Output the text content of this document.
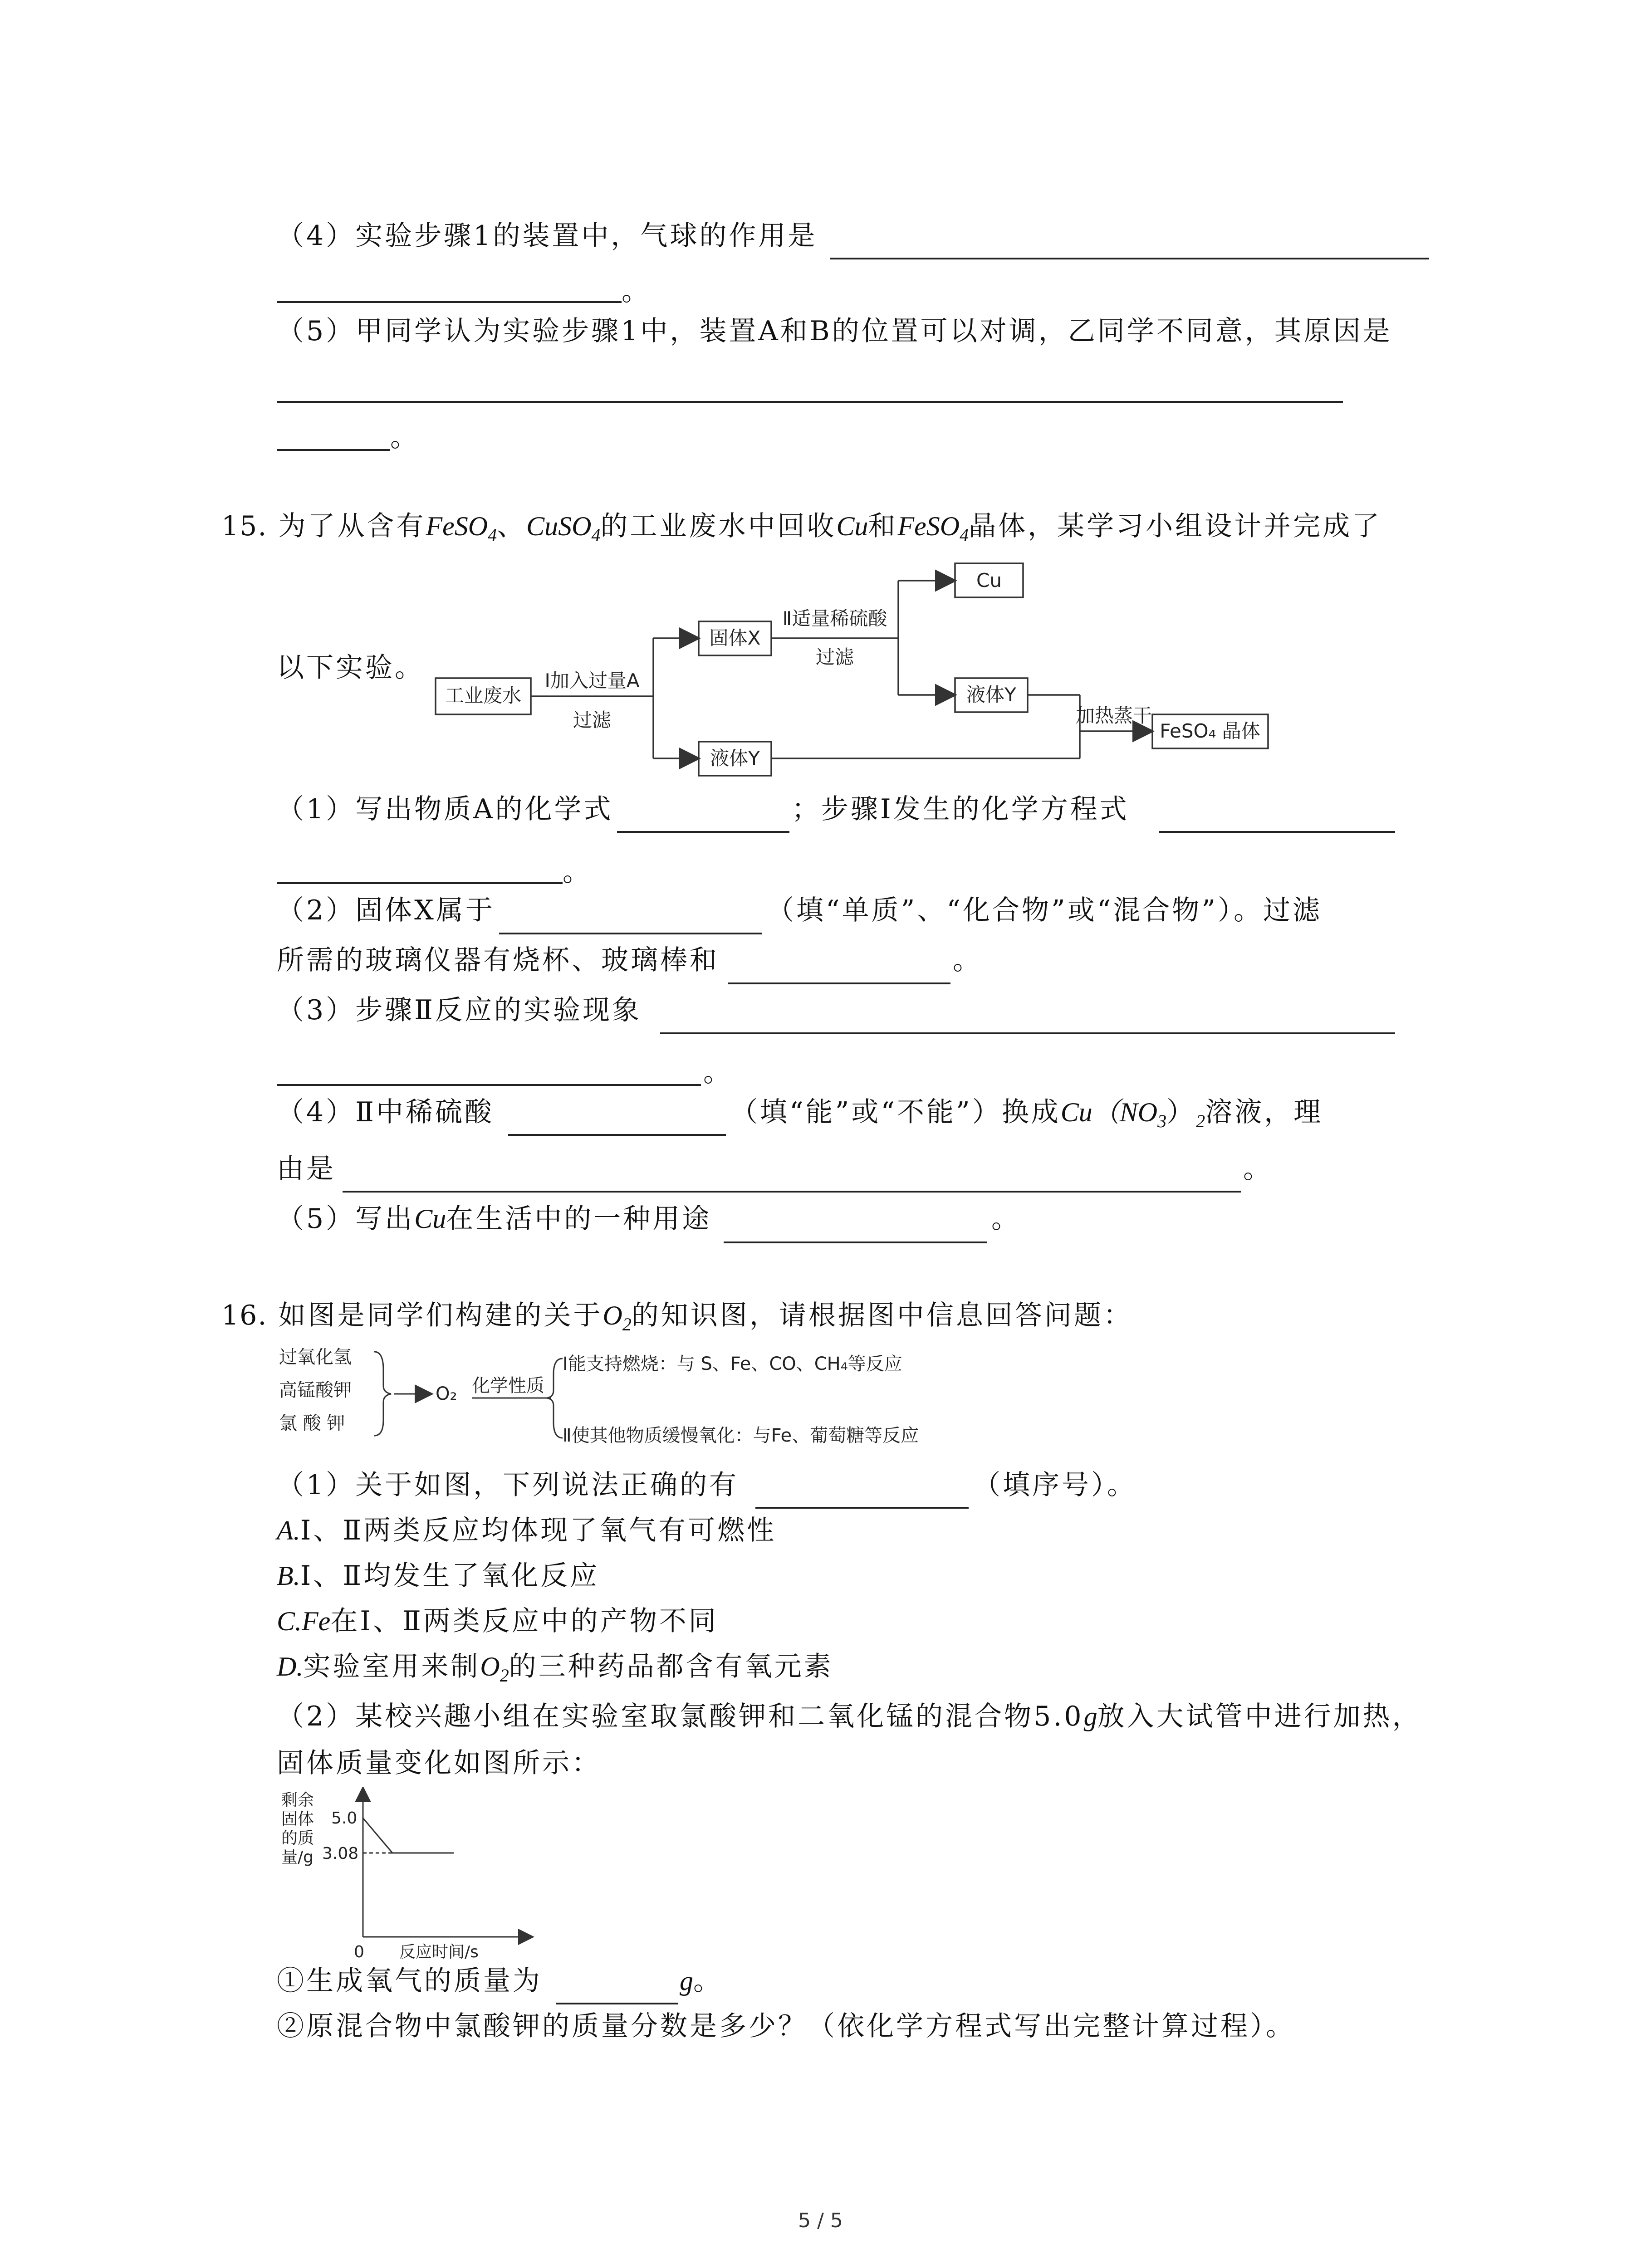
（4）实验步骤1的装置中，气球的作用是
。
（5）甲同学认为实验步骤1中，装置A和B的位置可以对调，乙同学不同意，其原因是
。
15. 为了从含有FeSO$_4$、CuSO$_4$的工业废水中回收Cu和FeSO$_4$晶体，某学习小组设计并完成了
以下实验。
工业废水
Ⅰ加入过量A
过滤
固体X
液体Y
Ⅱ适量稀硫酸
过滤
Cu
液体Y
加热蒸干
FeSO₄ 晶体
（1）写出物质A的化学式	；步骤Ⅰ发生的化学方程式
。
（2）固体X属于	（填“单质”、“化合物”或“混合物”）。过滤
所需的玻璃仪器有烧杯、玻璃棒和	。
（3）步骤Ⅱ反应的实验现象
。
（4）Ⅱ中稀硫酸	（填“能”或“不能”）换成$Cu(NO_3)_2$溶液，理
由是	。
（5）写出Cu在生活中的一种用途	。
16. 如图是同学们构建的关于$O_2$的知识图，请根据图中信息回答问题：
过氧化氢
高锰酸钾
氯 酸 钾
O₂ 化学性质
Ⅰ能支持燃烧：与 S、Fe、CO、CH₄等反应
Ⅱ使其他物质缓慢氧化：与Fe、葡萄糖等反应
（1）关于如图，下列说法正确的有	（填序号）。
A.Ⅰ、Ⅱ两类反应均体现了氧气有可燃性
B.Ⅰ、Ⅱ均发生了氧化反应
C.Fe在Ⅰ、Ⅱ两类反应中的产物不同
D.实验室用来制$O_2$的三种药品都含有氧元素
（2）某校兴趣小组在实验室取氯酸钾和二氧化锰的混合物5.0g放入大试管中进行加热，
固体质量变化如图所示：
剩余
固体
的质
量/g
5.0
3.08
0 反应时间/s
①生成氧气的质量为	g。
②原混合物中氯酸钾的质量分数是多少？（依化学方程式写出完整计算过程）。
5 / 5
